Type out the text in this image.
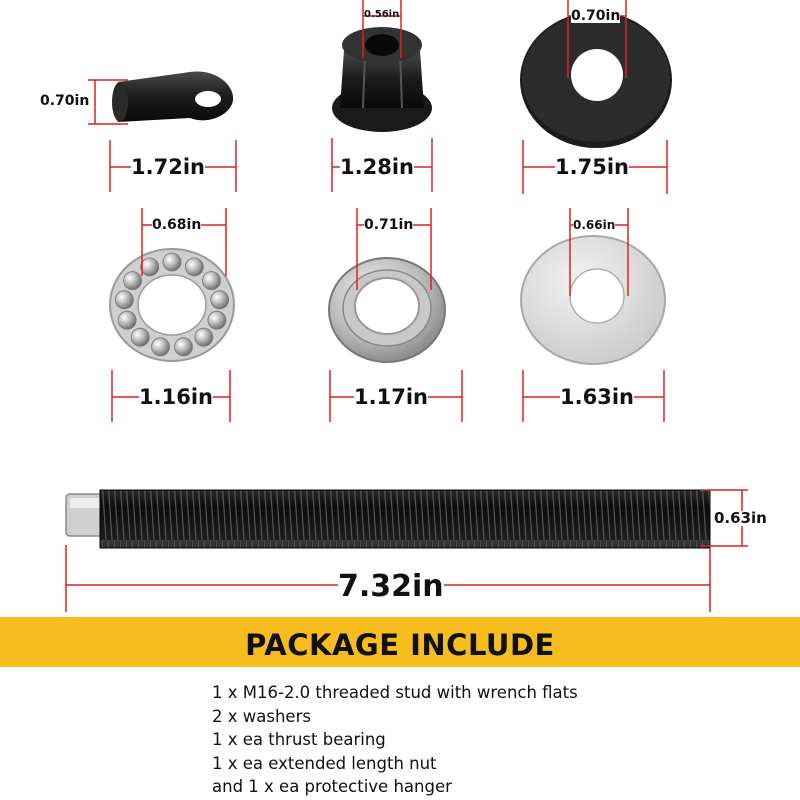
0.70in
1.72in
0.56in
1.28in
0.70in
1.75in
0.68in
1.16in
0.71in
1.17in
0.66in
1.63in
0.63in
7.32in
PACKAGE INCLUDE
1 x M16-2.0 threaded stud with wrench flats
2 x washers
1 x ea thrust bearing
1 x ea extended length nut
and 1 x ea protective hanger
